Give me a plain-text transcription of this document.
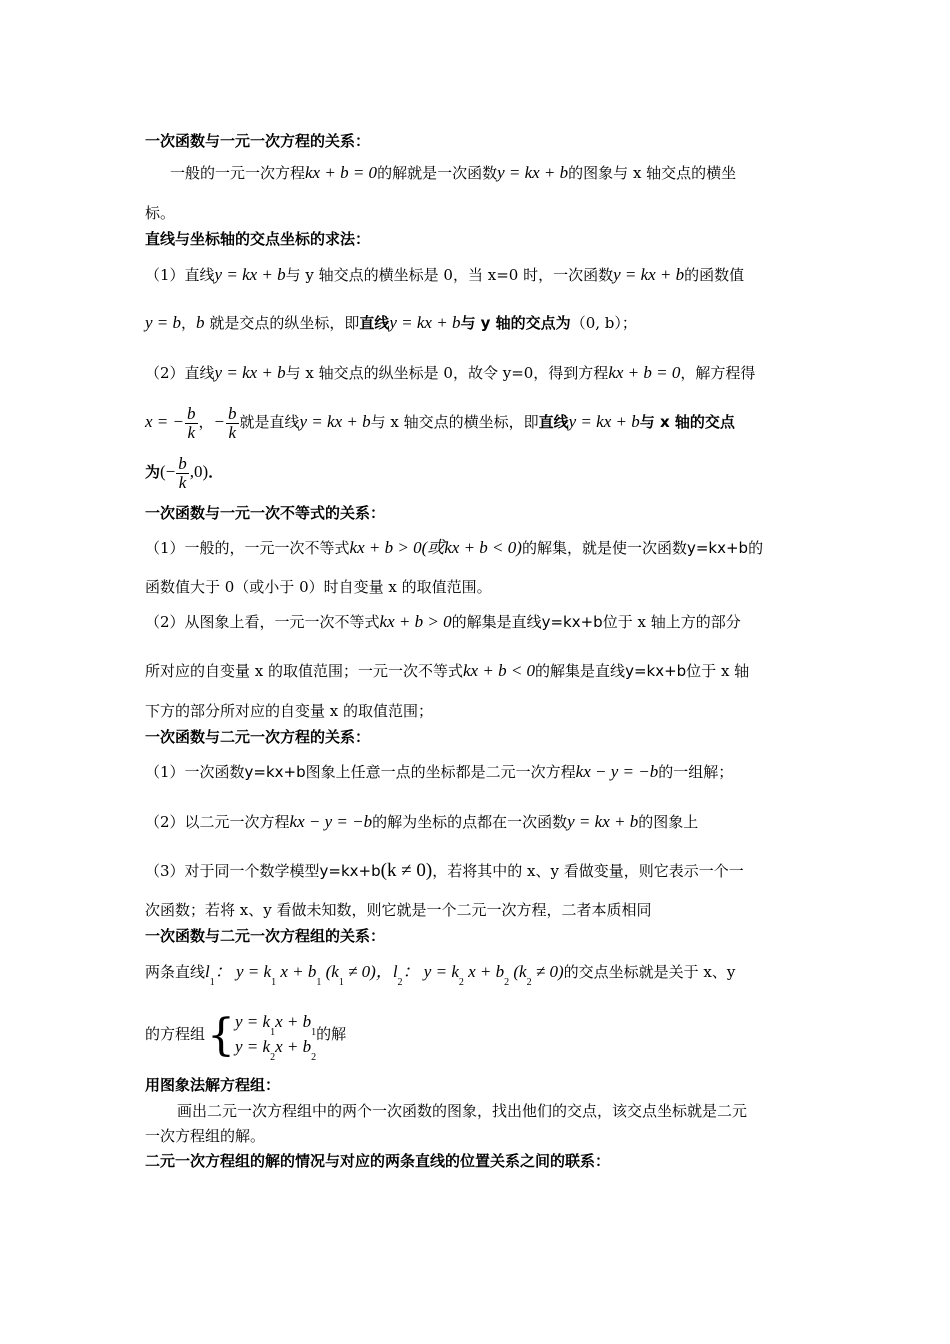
一次函数与一元一次方程的关系：
一般的一元一次方程kx + b = 0的解就是一次函数y = kx + b的图象与 x 轴交点的横坐
标。
直线与坐标轴的交点坐标的求法：
（1）直线y = kx + b与 y 轴交点的横坐标是 0，当 x=0 时，一次函数y = kx + b的函数值
y = b，b 就是交点的纵坐标，即直线y = kx + b与 y 轴的交点为（0, b）；
（2）直线y = kx + b与 x 轴交点的纵坐标是 0，故令 y=0，得到方程kx + b = 0，解方程得
x = − $\frac{b}{k}$ ，− $\frac{b}{k}$ 就是直线y = kx + b与 x 轴交点的横坐标，即直线y = kx + b与 x 轴的交点
为(− $\frac{b}{k} ,0$)．
一次函数与一元一次不等式的关系：
（1）一般的，一元一次不等式kx + b > 0(或kx + b < 0)的解集，就是使一次函数y=kx+b的
函数值大于 0（或小于 0）时自变量 x 的取值范围。
（2）从图象上看，一元一次不等式kx + b > 0的解集是直线y=kx+b位于 x 轴上方的部分
所对应的自变量 x 的取值范围；一元一次不等式kx + b < 0的解集是直线y=kx+b位于 x 轴
下方的部分所对应的自变量 x 的取值范围；
一次函数与二元一次方程的关系：
（1）一次函数y=kx+b图象上任意一点的坐标都是二元一次方程kx − y = −b的一组解；
（2）以二元一次方程kx − y = −b的解为坐标的点都在一次函数y = kx + b的图象上
（3）对于同一个数学模型y=kx+b(k ≠ 0)，若将其中的 x、y 看做变量，则它表示一个一
次函数；若将 x、y 看做未知数，则它就是一个二元一次方程，二者本质相同
一次函数与二元一次方程组的关系：
两条直线$l_1$： $y = k_1$ $x + b_1$ $(k_1 \ne 0)$，$l_2$： $y = k_2$ $x + b_2$ $(k_2 \ne 0)$的交点坐标就是关于 x、y
的方程组{ $y = k_1x + b_1$
$y = k_2x + b_2$
的解
用图象法解方程组：
画出二元一次方程组中的两个一次函数的图象，找出他们的交点，该交点坐标就是二元
一次方程组的解。
二元一次方程组的解的情况与对应的两条直线的位置关系之间的联系：
